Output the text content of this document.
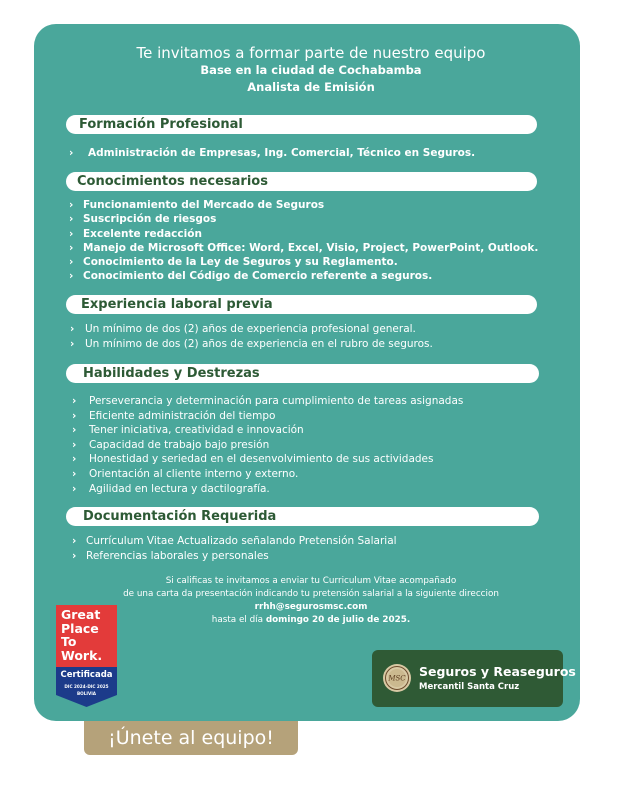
Te invitamos a formar parte de nuestro equipo
Base en la ciudad de Cochabamba
Analista de Emisión
Formación Profesional
› Administración de Empresas, Ing. Comercial, Técnico en Seguros.
Conocimientos necesarios
› Funcionamiento del Mercado de Seguros
› Suscripción de riesgos
› Excelente redacción
› Manejo de Microsoft Office: Word, Excel, Visio, Project, PowerPoint, Outlook.
› Conocimiento de la Ley de Seguros y su Reglamento.
› Conocimiento del Código de Comercio referente a seguros.
Experiencia laboral previa
› Un mínimo de dos (2) años de experiencia profesional general.
› Un mínimo de dos (2) años de experiencia en el rubro de seguros.
Habilidades y Destrezas
› Perseverancia y determinación para cumplimiento de tareas asignadas
› Eficiente administración del tiempo
› Tener iniciativa, creatividad e innovación
› Capacidad de trabajo bajo presión
› Honestidad y seriedad en el desenvolvimiento de sus actividades
› Orientación al cliente interno y externo.
› Agilidad en lectura y dactilografía.
Documentación Requerida
› Currículum Vitae Actualizado señalando Pretensión Salarial
› Referencias laborales y personales
Si calificas te invitamos a enviar tu Curriculum Vitae acompañado
de una carta da presentación indicando tu pretensión salarial a la siguiente direccion
rrhh@segurosmsc.com
hasta el día domingo 20 de julio de 2025.
Great
Place
To
Work.
Certificada
DIC 2024-DIC 2025
BOLIVIA
MSC Seguros y Reaseguros
Mercantil Santa Cruz
¡Únete al equipo!
